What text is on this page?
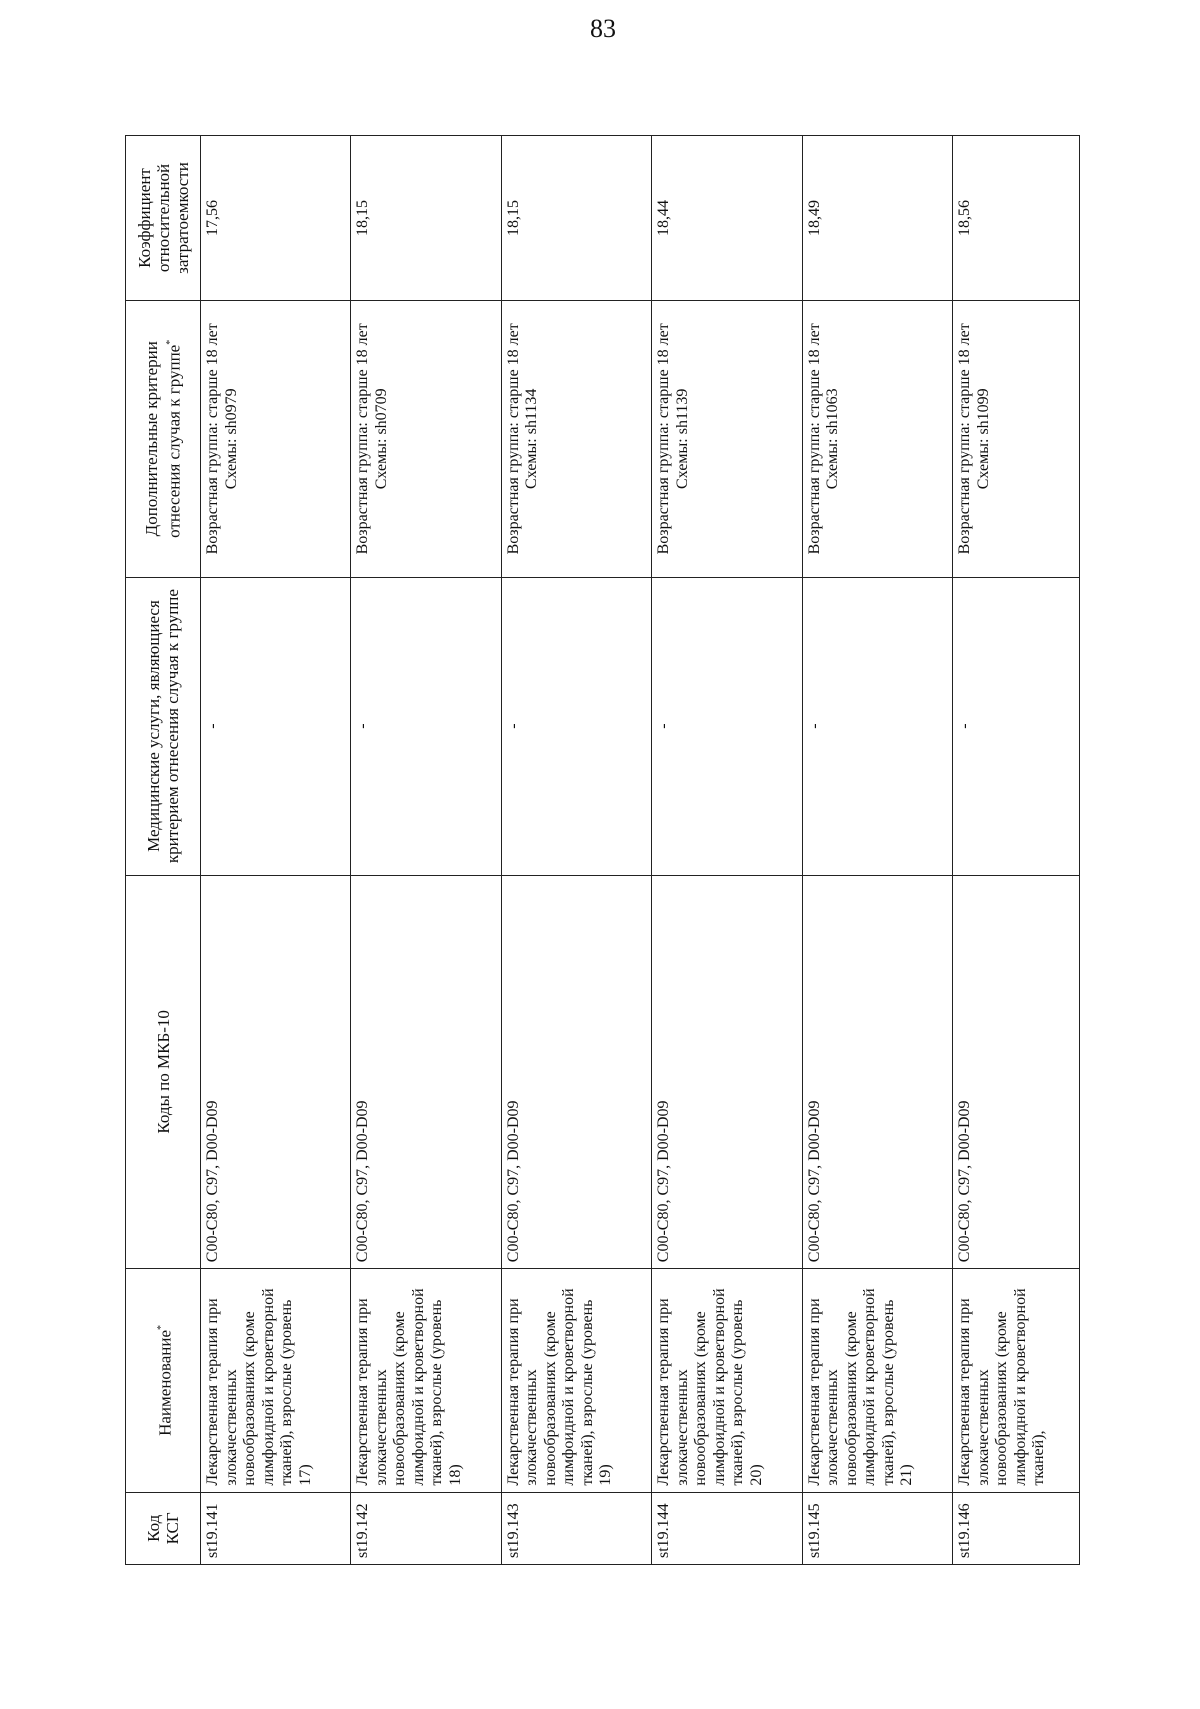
83
Код КСГ	Наименование*	Коды по МКБ-10	Медицинские услуги, являющиеся критерием отнесения случая к группе	Дополнительные критерии отнесения случая к группе*	Коэффициент относительной затратоемкости
st19.141	Лекарственная терапия при злокачественных новообразованиях (кроме лимфоидной и кроветворной тканей), взрослые (уровень 17)	C00-C80, C97, D00-D09	-	Возрастная группа: старше 18 лет Схемы: sh0979	17,56
st19.142	Лекарственная терапия при злокачественных новообразованиях (кроме лимфоидной и кроветворной тканей), взрослые (уровень 18)	C00-C80, C97, D00-D09	-	Возрастная группа: старше 18 лет Схемы: sh0709	18,15
st19.143	Лекарственная терапия при злокачественных новообразованиях (кроме лимфоидной и кроветворной тканей), взрослые (уровень 19)	C00-C80, C97, D00-D09	-	Возрастная группа: старше 18 лет Схемы: sh1134	18,15
st19.144	Лекарственная терапия при злокачественных новообразованиях (кроме лимфоидной и кроветворной тканей), взрослые (уровень 20)	C00-C80, C97, D00-D09	-	Возрастная группа: старше 18 лет Схемы: sh1139	18,44
st19.145	Лекарственная терапия при злокачественных новообразованиях (кроме лимфоидной и кроветворной тканей), взрослые (уровень 21)	C00-C80, C97, D00-D09	-	Возрастная группа: старше 18 лет Схемы: sh1063	18,49
st19.146	Лекарственная терапия при злокачественных новообразованиях (кроме лимфоидной и кроветворной тканей),	C00-C80, C97, D00-D09	-	Возрастная группа: старше 18 лет Схемы: sh1099	18,56
